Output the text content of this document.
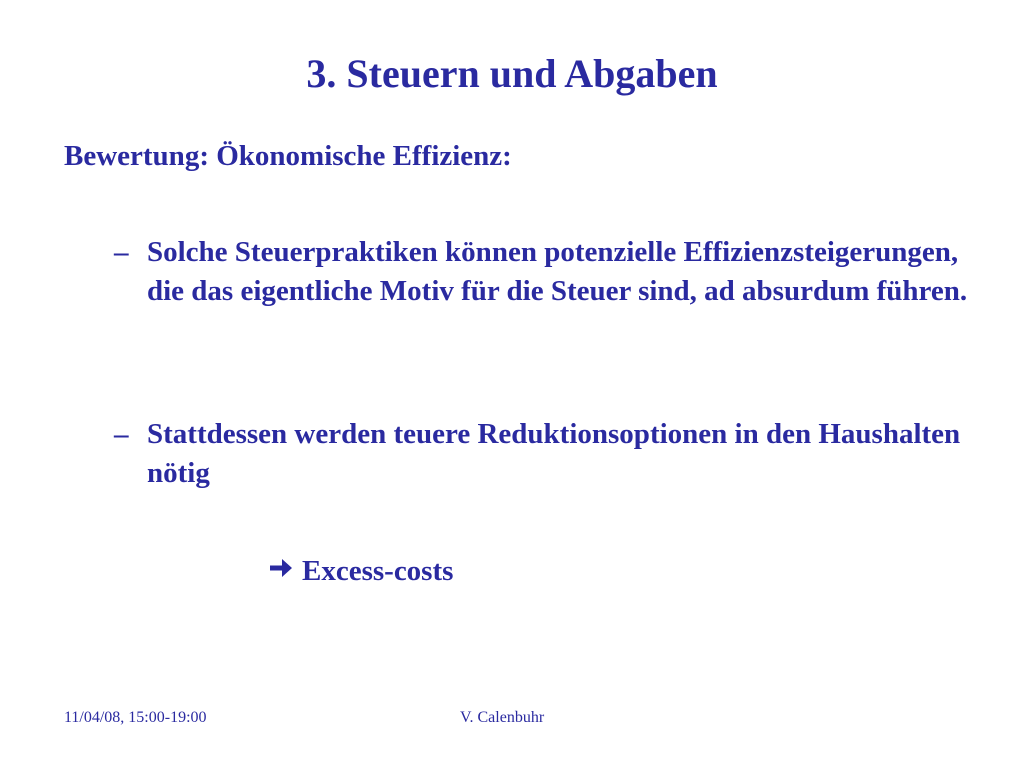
3. Steuern und Abgaben
Bewertung: Ökonomische Effizienz:
– Solche Steuerpraktiken können potenzielle Effizienzsteigerungen, die das eigentliche Motiv für die Steuer sind, ad absurdum führen.
– Stattdessen werden teuere Reduktionsoptionen in den Haushalten nötig
Excess-costs
11/04/08, 15:00-19:00	V. Calenbuhr
